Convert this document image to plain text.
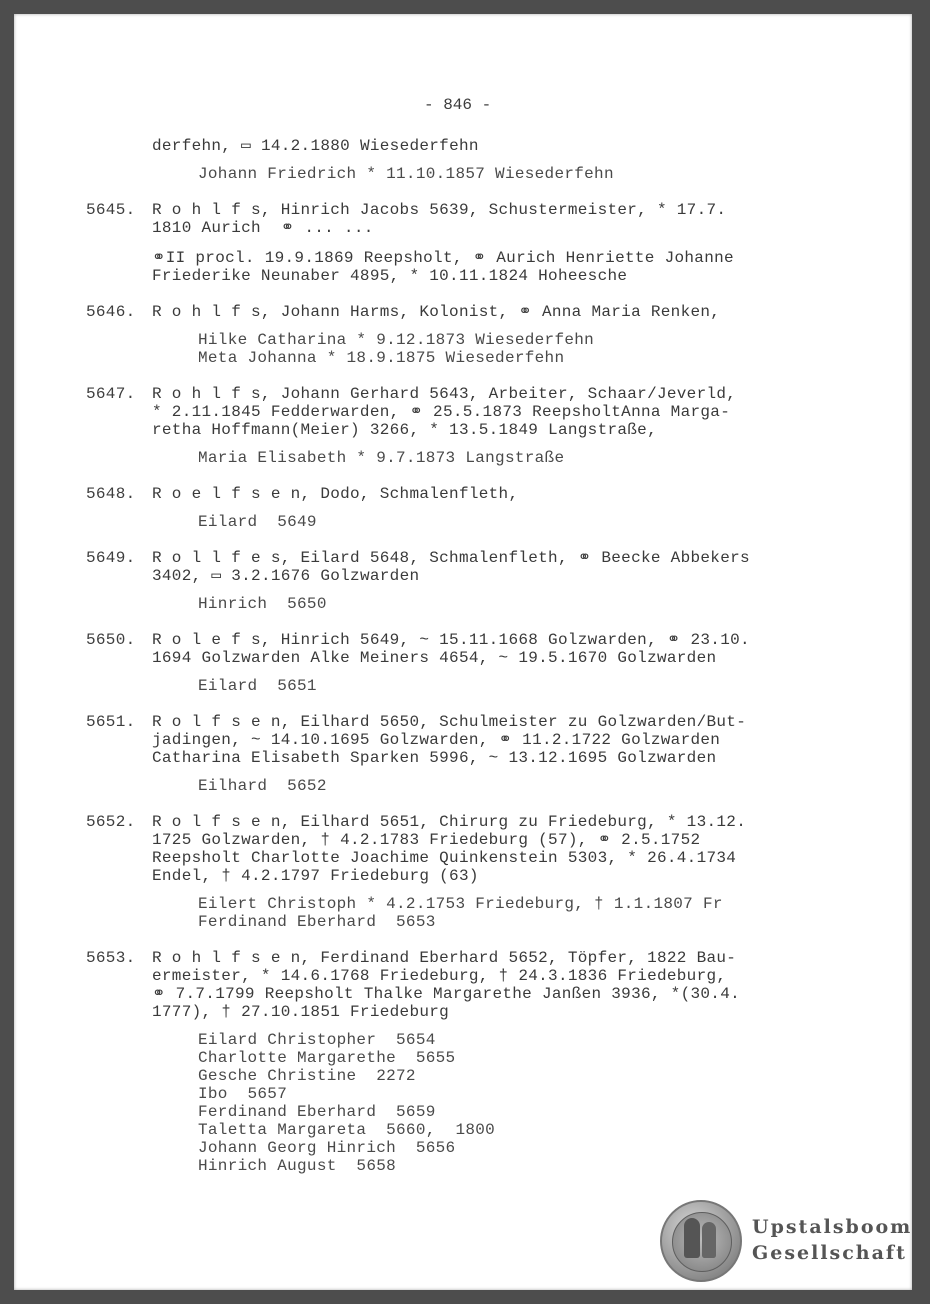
- 846 -
derfehn, ▭ 14.2.1880 Wiesederfehn
Johann Friedrich * 11.10.1857 Wiesederfehn
5645. R o h l f s, Hinrich Jacobs 5639, Schustermeister, * 17.7.
1810 Aurich  ⚭ ... ...
⚭II procl. 19.9.1869 Reepsholt, ⚭ Aurich Henriette Johanne
Friederike Neunaber 4895, * 10.11.1824 Hoheesche
5646. R o h l f s, Johann Harms, Kolonist, ⚭ Anna Maria Renken,
Hilke Catharina * 9.12.1873 Wiesederfehn
Meta Johanna * 18.9.1875 Wiesederfehn
5647. R o h l f s, Johann Gerhard 5643, Arbeiter, Schaar/Jeverld,
* 2.11.1845 Fedderwarden, ⚭ 25.5.1873 ReepsholtAnna Marga-
retha Hoffmann(Meier) 3266, * 13.5.1849 Langstraße,
Maria Elisabeth * 9.7.1873 Langstraße
5648. R o e l f s e n, Dodo, Schmalenfleth,
Eilard  5649
5649. R o l l f e s, Eilard 5648, Schmalenfleth, ⚭ Beecke Abbekers
3402, ▭ 3.2.1676 Golzwarden
Hinrich  5650
5650. R o l e f s, Hinrich 5649, ~ 15.11.1668 Golzwarden, ⚭ 23.10.
1694 Golzwarden Alke Meiners 4654, ~ 19.5.1670 Golzwarden
Eilard  5651
5651. R o l f s e n, Eilhard 5650, Schulmeister zu Golzwarden/But-
jadingen, ~ 14.10.1695 Golzwarden, ⚭ 11.2.1722 Golzwarden
Catharina Elisabeth Sparken 5996, ~ 13.12.1695 Golzwarden
Eilhard  5652
5652. R o l f s e n, Eilhard 5651, Chirurg zu Friedeburg, * 13.12.
1725 Golzwarden, † 4.2.1783 Friedeburg (57), ⚭ 2.5.1752
Reepsholt Charlotte Joachime Quinkenstein 5303, * 26.4.1734
Endel, † 4.2.1797 Friedeburg (63)
Eilert Christoph * 4.2.1753 Friedeburg, † 1.1.1807 Fr
Ferdinand Eberhard  5653
5653. R o h l f s e n, Ferdinand Eberhard 5652, Töpfer, 1822 Bau-
ermeister, * 14.6.1768 Friedeburg, † 24.3.1836 Friedeburg,
⚭ 7.7.1799 Reepsholt Thalke Margarethe Janßen 3936, *(30.4.
1777), † 27.10.1851 Friedeburg
Eilard Christopher  5654
Charlotte Margarethe  5655
Gesche Christine  2272
Ibo  5657
Ferdinand Eberhard  5659
Taletta Margareta  5660,  1800
Johann Georg Hinrich  5656
Hinrich August  5658
Upstalsboom
Gesellschaft
